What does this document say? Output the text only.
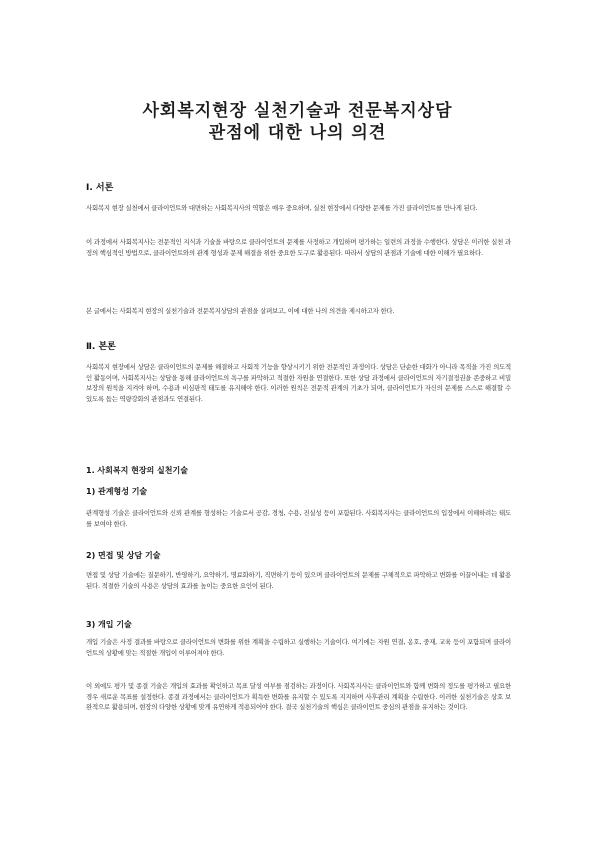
사회복지현장 실천기술과 전문복지상담
관점에 대한 나의 의견
Ⅰ. 서론
사회복지 현장 실천에서 클라이언트와 대면하는 사회복지사의 역할은 매우 중요하며, 실천 현장에서 다양한 문제를 가진 클라이언트를 만나게 된다.
이 과정에서 사회복지사는 전문적인 지식과 기술을 바탕으로 클라이언트의 문제를 사정하고 개입하며 평가하는 일련의 과정을 수행한다. 상담은 이러한 실천 과정의 핵심적인 방법으로, 클라이언트와의 관계 형성과 문제 해결을 위한 중요한 도구로 활용된다. 따라서 상담의 관점과 기술에 대한 이해가 필요하다.
본 글에서는 사회복지 현장의 실천기술과 전문복지상담의 관점을 살펴보고, 이에 대한 나의 의견을 제시하고자 한다.
Ⅱ. 본론
사회복지 현장에서 상담은 클라이언트의 문제를 해결하고 사회적 기능을 향상시키기 위한 전문적인 과정이다. 상담은 단순한 대화가 아니라 목적을 가진 의도적인 활동이며, 사회복지사는 상담을 통해 클라이언트의 욕구를 파악하고 적절한 자원을 연결한다. 또한 상담 과정에서 클라이언트의 자기결정권을 존중하고 비밀보장의 원칙을 지켜야 하며, 수용과 비심판적 태도를 유지해야 한다. 이러한 원칙은 전문적 관계의 기초가 되며, 클라이언트가 자신의 문제를 스스로 해결할 수 있도록 돕는 역량강화의 관점과도 연결된다.
1. 사회복지 현장의 실천기술
1) 관계형성 기술
관계형성 기술은 클라이언트와 신뢰 관계를 형성하는 기술로서 공감, 경청, 수용, 진실성 등이 포함된다. 사회복지사는 클라이언트의 입장에서 이해하려는 태도를 보여야 한다.
2) 면접 및 상담 기술
면접 및 상담 기술에는 질문하기, 반영하기, 요약하기, 명료화하기, 직면하기 등이 있으며 클라이언트의 문제를 구체적으로 파악하고 변화를 이끌어내는 데 활용된다. 적절한 기술의 사용은 상담의 효과를 높이는 중요한 요인이 된다.
3) 개입 기술
개입 기술은 사정 결과를 바탕으로 클라이언트의 변화를 위한 계획을 수립하고 실행하는 기술이다. 여기에는 자원 연결, 옹호, 중재, 교육 등이 포함되며 클라이언트의 상황에 맞는 적절한 개입이 이루어져야 한다.
이 외에도 평가 및 종결 기술은 개입의 효과를 확인하고 목표 달성 여부를 점검하는 과정이다. 사회복지사는 클라이언트와 함께 변화의 정도를 평가하고 필요한 경우 새로운 목표를 설정한다. 종결 과정에서는 클라이언트가 획득한 변화를 유지할 수 있도록 지지하며 사후관리 계획을 수립한다. 이러한 실천기술은 상호 보완적으로 활용되며, 현장의 다양한 상황에 맞게 유연하게 적용되어야 한다. 결국 실천기술의 핵심은 클라이언트 중심의 관점을 유지하는 것이다.
